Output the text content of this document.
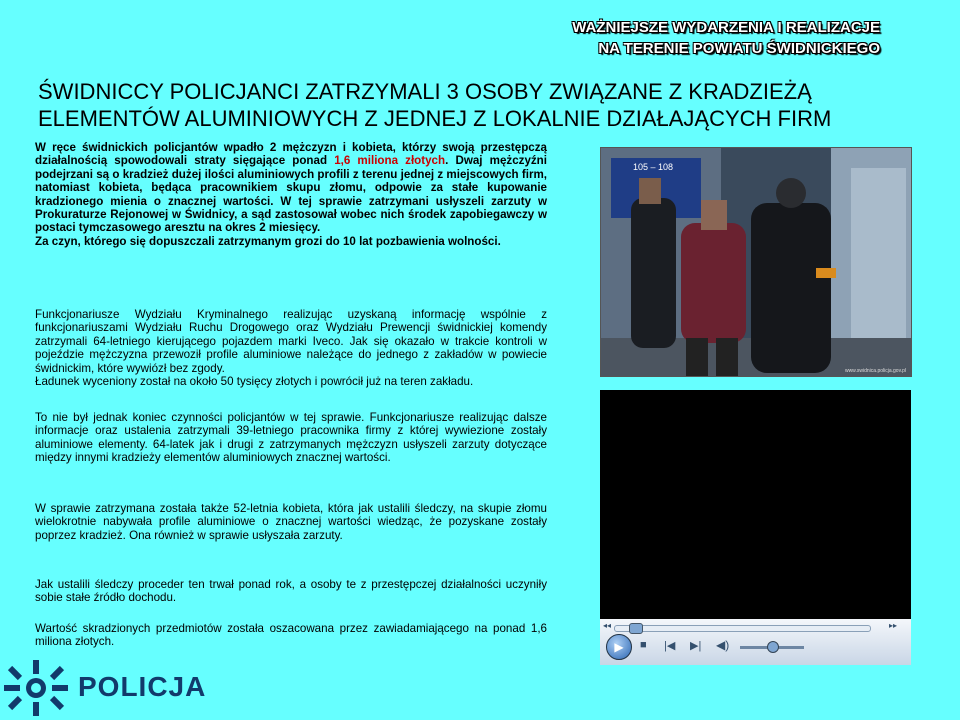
WAŻNIEJSZE WYDARZENIA I REALIZACJE
NA TERENIE POWIATU ŚWIDNICKIEGO
ŚWIDNICCY POLICJANCI ZATRZYMALI 3 OSOBY ZWIĄZANE Z KRADZIEŻĄ
ELEMENTÓW ALUMINIOWYCH Z JEDNEJ Z LOKALNIE DZIAŁAJĄCYCH FIRM
W ręce świdnickich policjantów wpadło 2 mężczyzn i kobieta, którzy swoją przestępczą działalnością spowodowali straty sięgające ponad 1,6 miliona złotych. Dwaj mężczyźni podejrzani są o kradzież dużej ilości aluminiowych profili z terenu jednej z miejscowych firm, natomiast kobieta, będąca pracownikiem skupu złomu, odpowie za stałe kupowanie kradzionego mienia o znacznej wartości. W tej sprawie zatrzymani usłyszeli zarzuty w Prokuraturze Rejonowej w Świdnicy, a sąd zastosował wobec nich środek zapobiegawczy w postaci tymczasowego aresztu na okres 2 miesięcy.
Za czyn, którego się dopuszczali zatrzymanym grozi do 10 lat pozbawienia wolności.
Funkcjonariusze Wydziału Kryminalnego realizując uzyskaną informację wspólnie z funkcjonariuszami Wydziału Ruchu Drogowego oraz Wydziału Prewencji świdnickiej komendy zatrzymali 64-letniego kierującego pojazdem marki Iveco. Jak się okazało w trakcie kontroli w pojeździe mężczyzna przewoził profile aluminiowe należące do jednego z zakładów w powiecie świdnickim, które wywiózł bez zgody.
Ładunek wyceniony został na około 50 tysięcy złotych i powrócił już na teren zakładu.
To nie był jednak koniec czynności policjantów w tej sprawie. Funkcjonariusze realizując dalsze informacje oraz ustalenia zatrzymali 39-letniego pracownika firmy z której wywiezione zostały aluminiowe elementy. 64-latek jak i drugi z zatrzymanych mężczyzn usłyszeli zarzuty dotyczące między innymi kradzieży elementów aluminiowych znacznej wartości.
W sprawie zatrzymana została także 52-letnia kobieta, która jak ustalili śledczy, na skupie złomu wielokrotnie nabywała profile aluminiowe o znacznej wartości wiedząc, że pozyskane zostały poprzez kradzież. Ona również w sprawie usłyszała zarzuty.
Jak ustalili śledczy proceder ten trwał ponad rok, a osoby te z przestępczej działalności uczyniły sobie stałe źródło dochodu.
Wartość skradzionych przedmiotów została oszacowana przez zawiadamiającego na ponad 1,6 miliona złotych.
105 – 108
www.swidnica.policja.gov.pl
◂◂	▸▸
▶	■ |◀ ▶| ◀)
POLICJA
